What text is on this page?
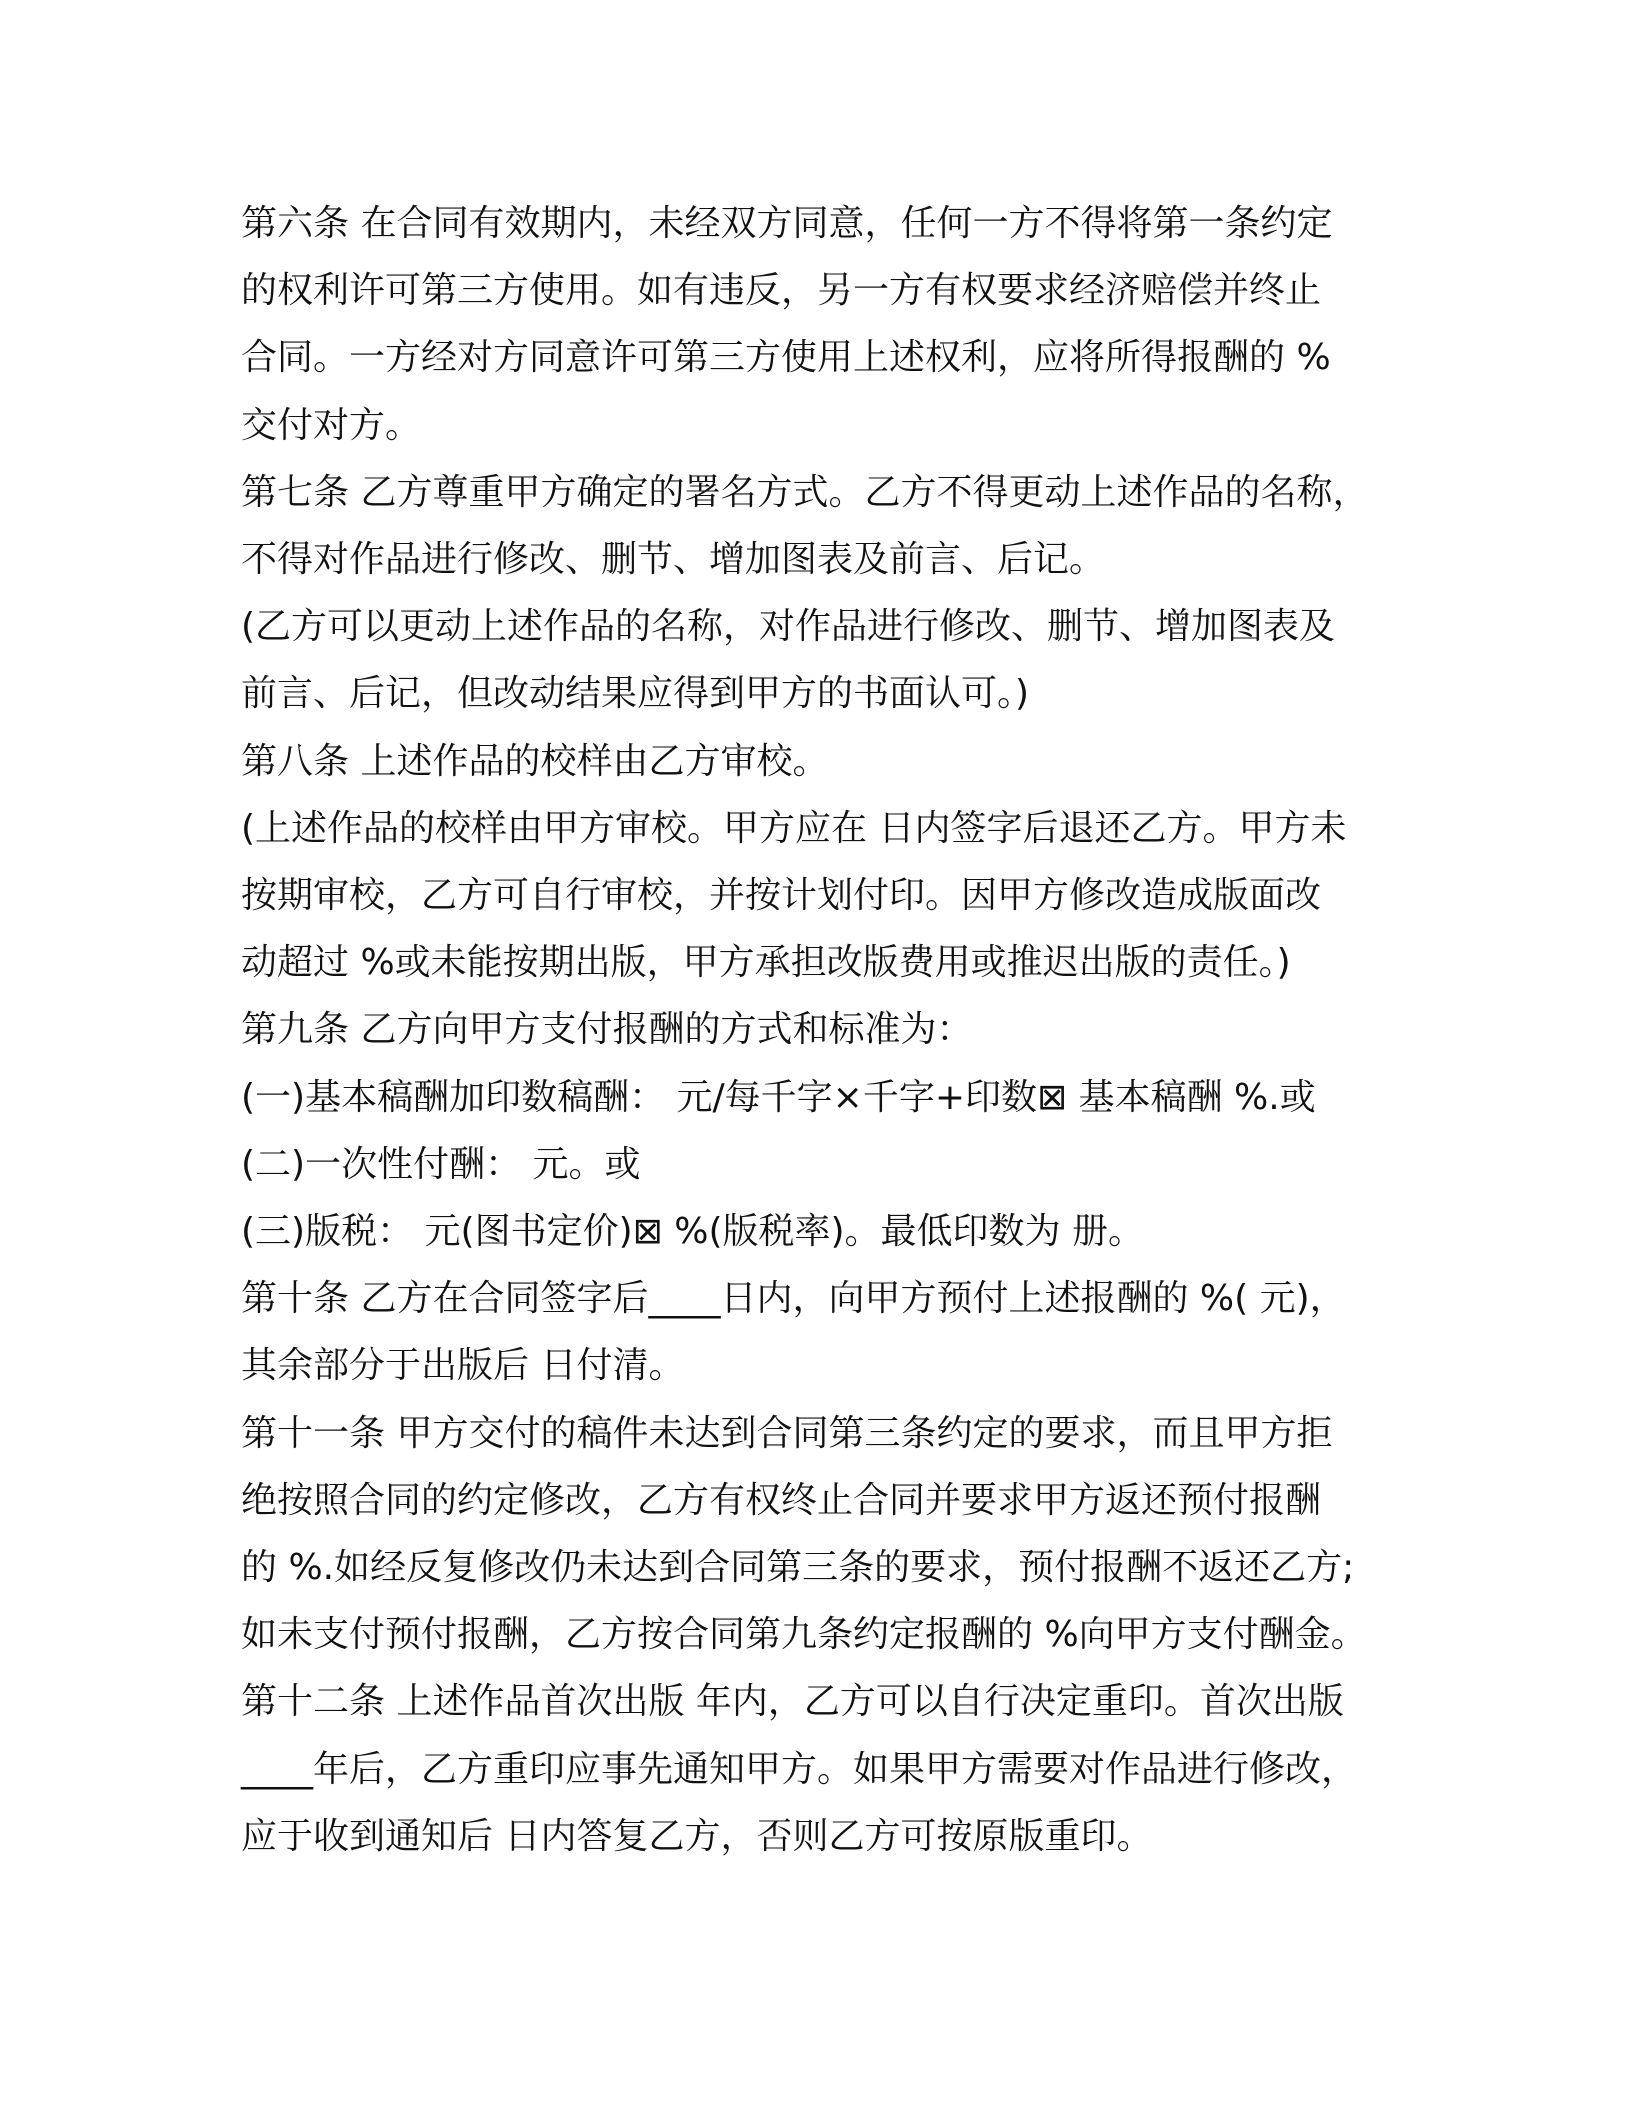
第六条 在合同有效期内，未经双方同意，任何一方不得将第一条约定
的权利许可第三方使用。如有违反，另一方有权要求经济赔偿并终止
合同。一方经对方同意许可第三方使用上述权利，应将所得报酬的 %
交付对方。
第七条 乙方尊重甲方确定的署名方式。乙方不得更动上述作品的名称，
不得对作品进行修改、删节、增加图表及前言、后记。
(乙方可以更动上述作品的名称，对作品进行修改、删节、增加图表及
前言、后记，但改动结果应得到甲方的书面认可。)
第八条 上述作品的校样由乙方审校。
(上述作品的校样由甲方审校。甲方应在 日内签字后退还乙方。甲方未
按期审校，乙方可自行审校，并按计划付印。因甲方修改造成版面改
动超过 %或未能按期出版，甲方承担改版费用或推迟出版的责任。)
第九条 乙方向甲方支付报酬的方式和标准为：
(一)基本稿酬加印数稿酬： 元/每千字×千字+印数⊠ 基本稿酬 %.或
(二)一次性付酬： 元。或
(三)版税： 元(图书定价)⊠ %(版税率)。最低印数为 册。
第十条 乙方在合同签字后____日内，向甲方预付上述报酬的 %( 元)，
其余部分于出版后 日付清。
第十一条 甲方交付的稿件未达到合同第三条约定的要求，而且甲方拒
绝按照合同的约定修改，乙方有权终止合同并要求甲方返还预付报酬
的 %.如经反复修改仍未达到合同第三条的要求，预付报酬不返还乙方;
如未支付预付报酬，乙方按合同第九条约定报酬的 %向甲方支付酬金。
第十二条 上述作品首次出版 年内，乙方可以自行决定重印。首次出版
____年后，乙方重印应事先通知甲方。如果甲方需要对作品进行修改，
应于收到通知后 日内答复乙方，否则乙方可按原版重印。
